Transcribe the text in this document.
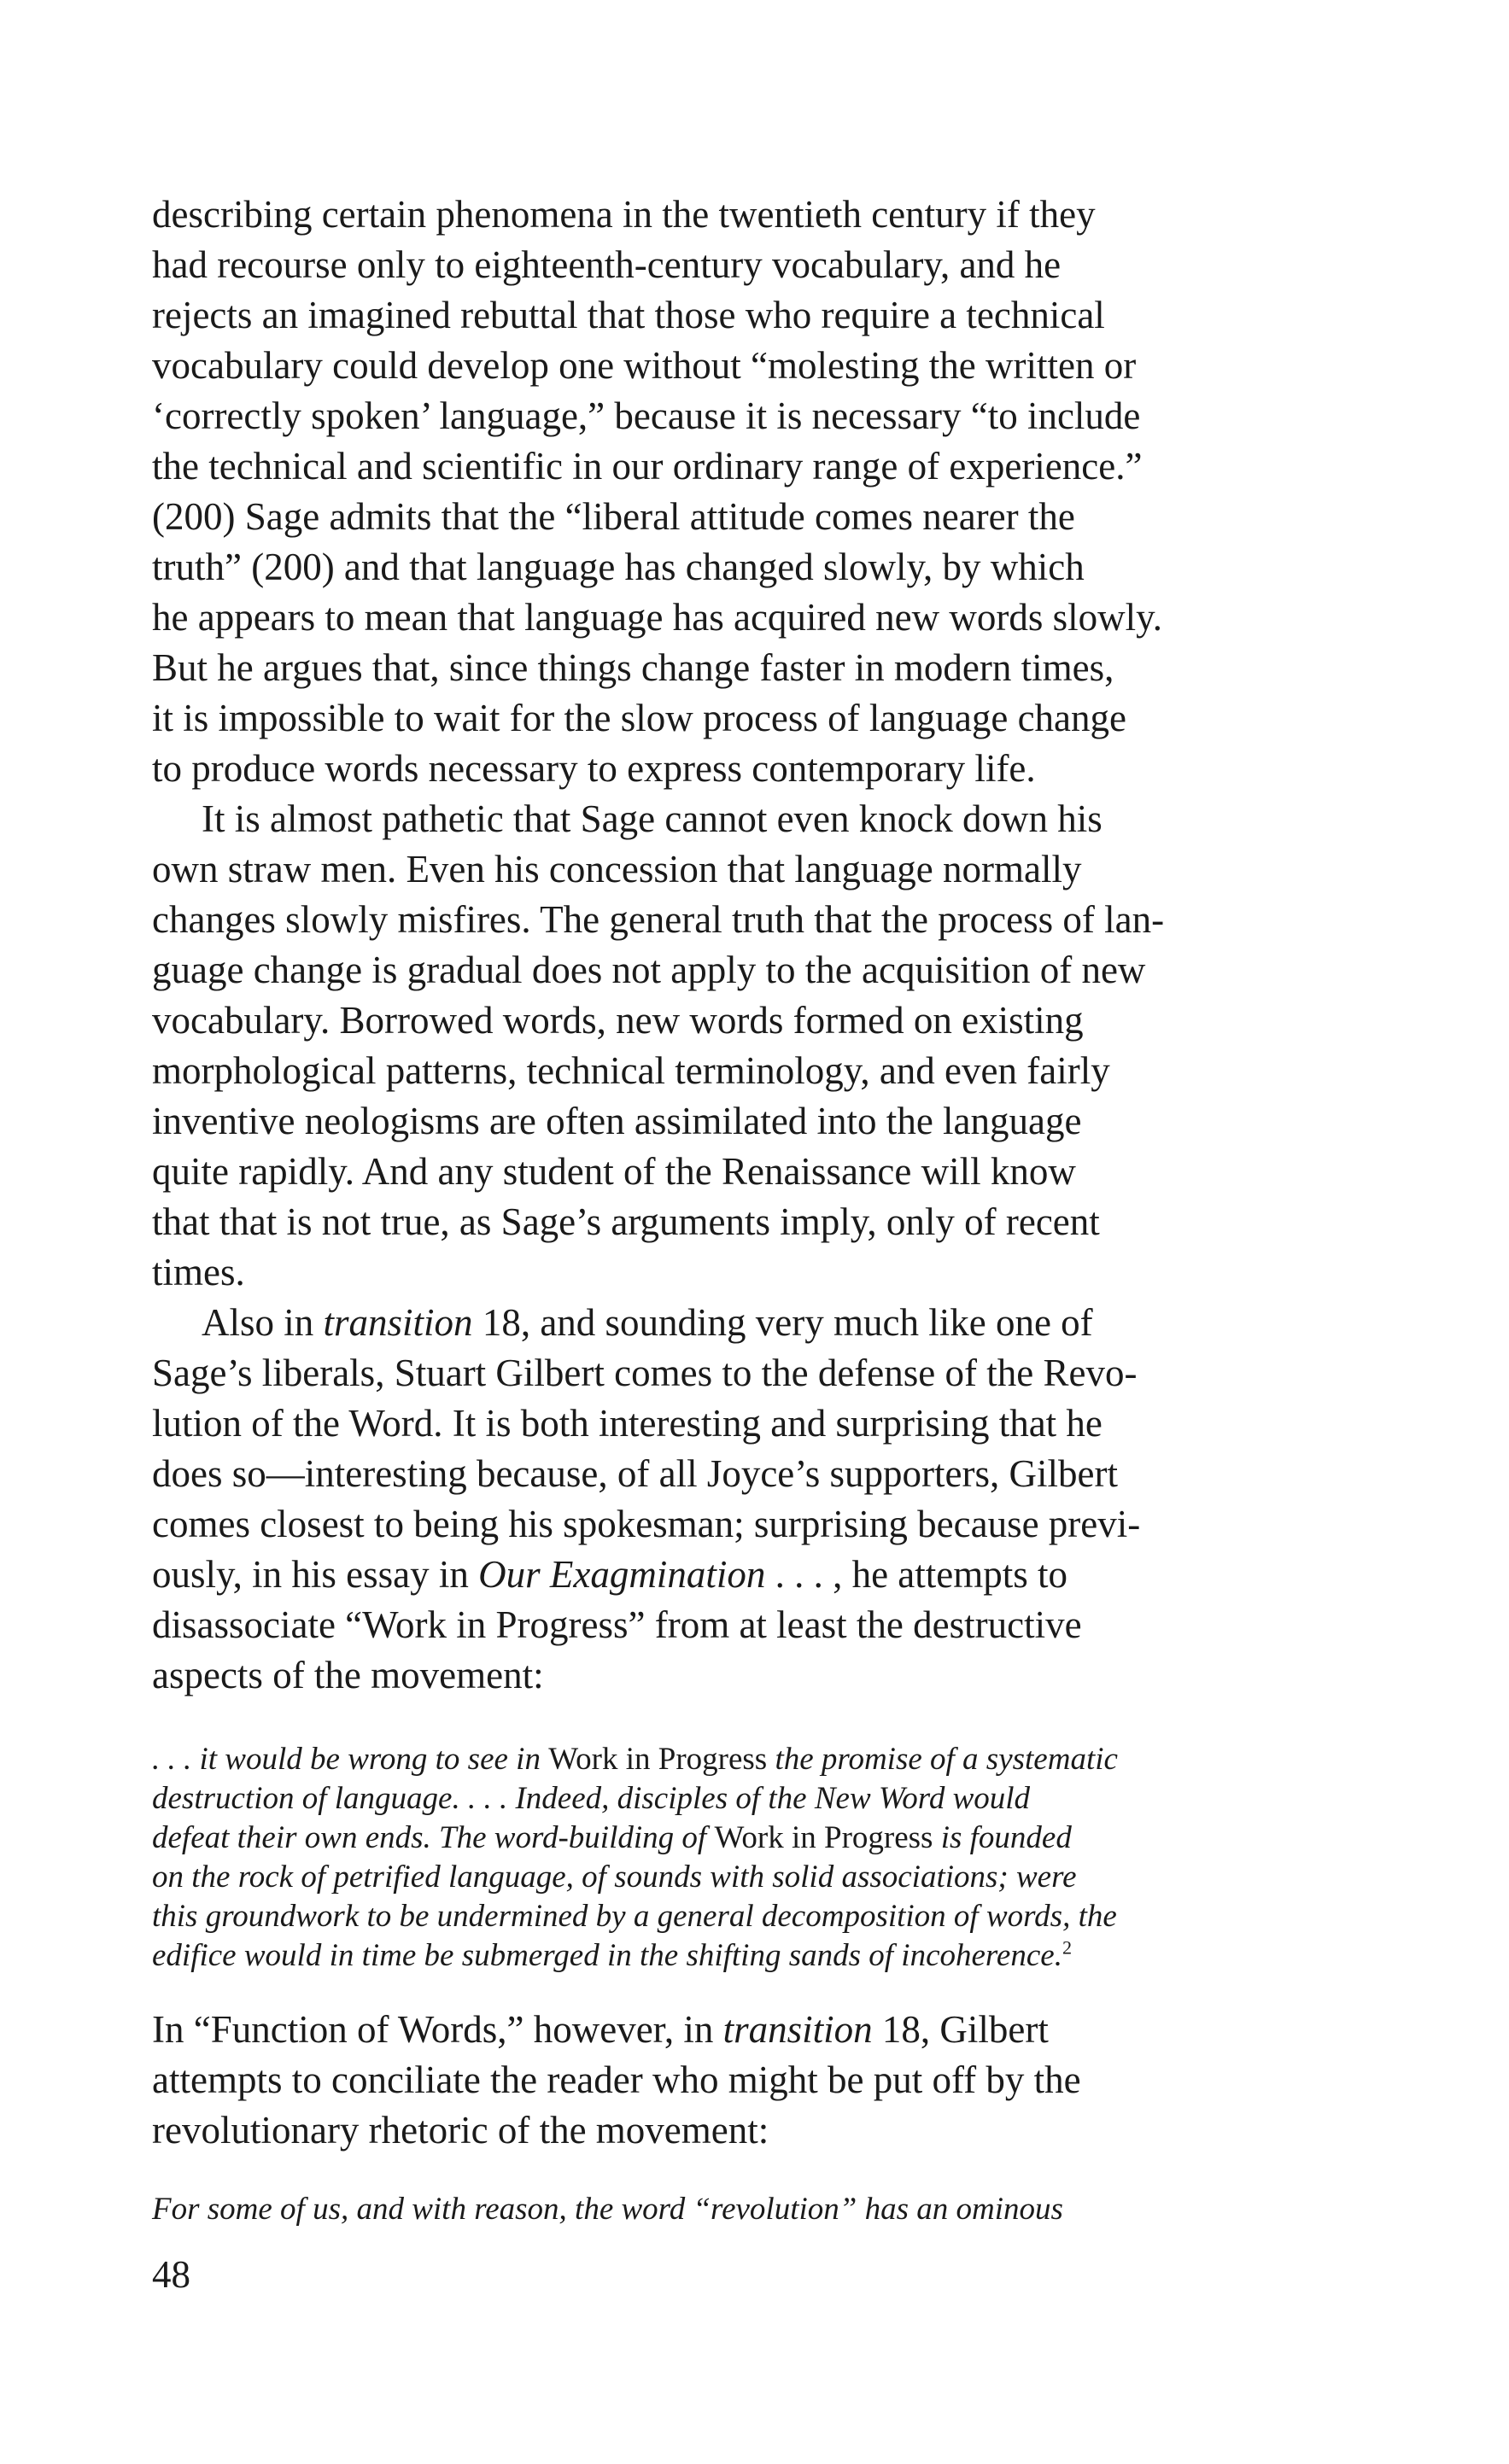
describing certain phenomena in the twentieth century if they
had recourse only to eighteenth-century vocabulary, and he
rejects an imagined rebuttal that those who require a technical
vocabulary could develop one without “molesting the written or
‘correctly spoken’ language,” because it is necessary “to include
the technical and scientific in our ordinary range of experience.”
(200) Sage admits that the “liberal attitude comes nearer the
truth” (200) and that language has changed slowly, by which
he appears to mean that language has acquired new words slowly.
But he argues that, since things change faster in modern times,
it is impossible to wait for the slow process of language change
to produce words necessary to express contemporary life.

It is almost pathetic that Sage cannot even knock down his
own straw men. Even his concession that language normally
changes slowly misfires. The general truth that the process of lan-
guage change is gradual does not apply to the acquisition of new
vocabulary. Borrowed words, new words formed on existing
morphological patterns, technical terminology, and even fairly
inventive neologisms are often assimilated into the language
quite rapidly. And any student of the Renaissance will know
that that is not true, as Sage’s arguments imply, only of recent
times.

Also in transition 18, and sounding very much like one of
Sage’s liberals, Stuart Gilbert comes to the defense of the Revo-
lution of the Word. It is both interesting and surprising that he
does so—interesting because, of all Joyce’s supporters, Gilbert
comes closest to being his spokesman; surprising because previ-
ously, in his essay in Our Exagmination . . . , he attempts to
disassociate “Work in Progress” from at least the destructive
aspects of the movement:

. . . it would be wrong to see in Work in Progress the promise of a systematic
destruction of language. . . . Indeed, disciples of the New Word would
defeat their own ends. The word-building of Work in Progress is founded
on the rock of petrified language, of sounds with solid associations; were
this groundwork to be undermined by a general decomposition of words, the
edifice would in time be submerged in the shifting sands of incoherence.$^2$

In “Function of Words,” however, in transition 18, Gilbert
attempts to conciliate the reader who might be put off by the
revolutionary rhetoric of the movement:

For some of us, and with reason, the word “revolution” has an ominous
48
